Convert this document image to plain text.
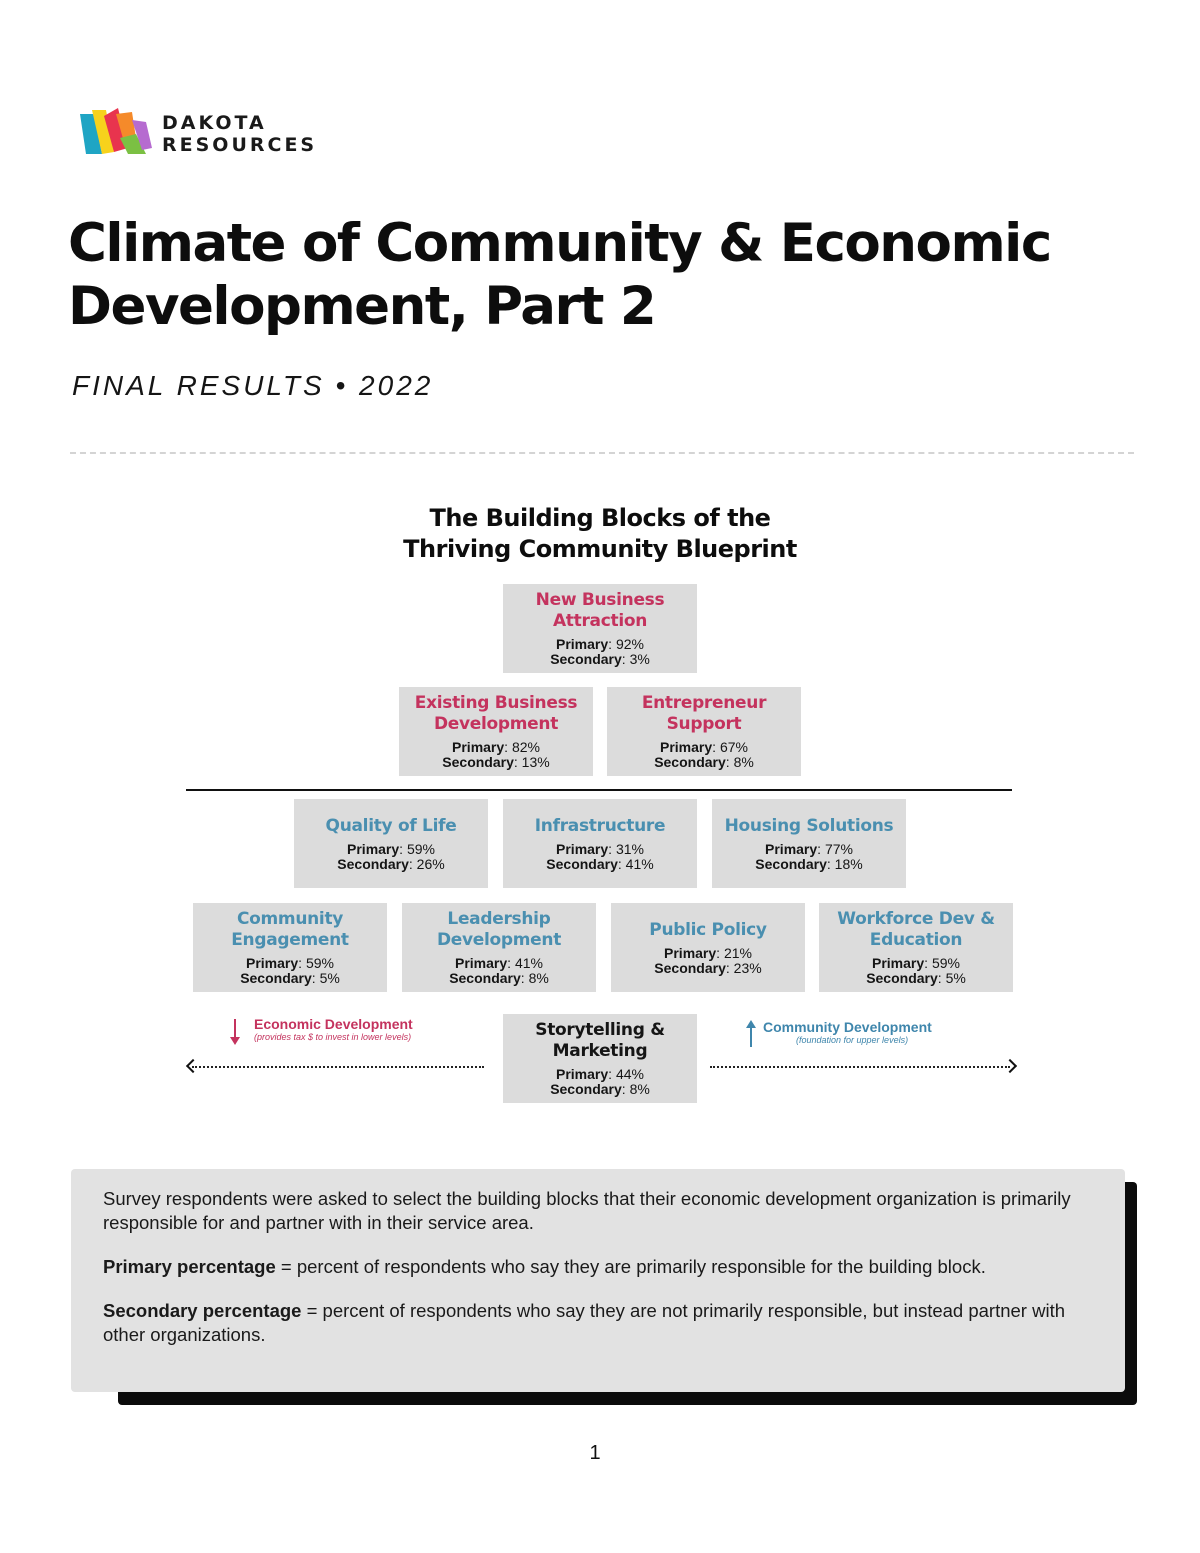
DAKOTA
RESOURCES
Climate of Community & Economic
Development, Part 2
FINAL RESULTS • 2022
The Building Blocks of the
Thriving Community Blueprint
New Business Attraction
Primary: 92%
Secondary: 3%
Existing Business Development
Primary: 82%
Secondary: 13%
Entrepreneur Support
Primary: 67%
Secondary: 8%
Quality of Life
Primary: 59%
Secondary: 26%
Infrastructure
Primary: 31%
Secondary: 41%
Housing Solutions
Primary: 77%
Secondary: 18%
Community Engagement
Primary: 59%
Secondary: 5%
Leadership Development
Primary: 41%
Secondary: 8%
Public Policy
Primary: 21%
Secondary: 23%
Workforce Dev & Education
Primary: 59%
Secondary: 5%
Economic Development
(provides tax $ to invest in lower levels)
Community Development
(foundation for upper levels)
Storytelling & Marketing
Primary: 44%
Secondary: 8%

Survey respondents were asked to select the building blocks that their economic development organization is primarily responsible for and partner with in their service area.

Primary percentage = percent of respondents who say they are primarily responsible for the building block.

Secondary percentage = percent of respondents who say they are not primarily responsible, but instead partner with other organizations.

1
